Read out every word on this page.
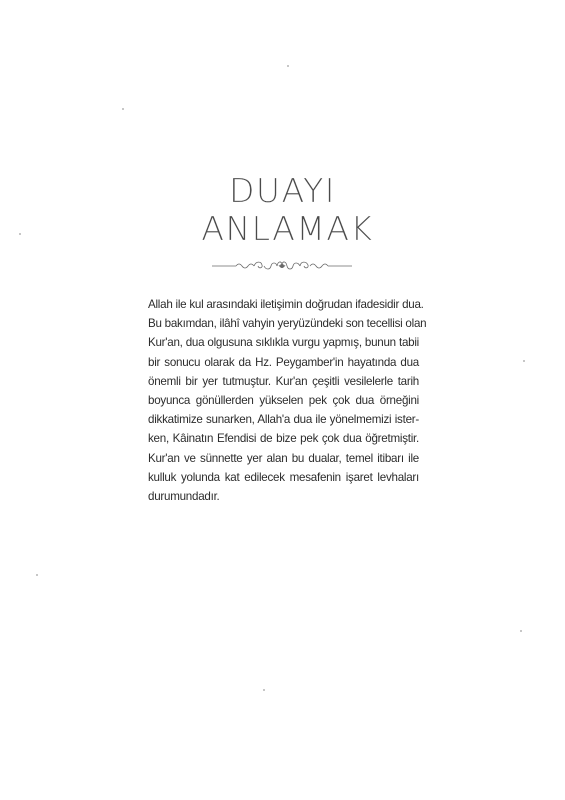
DUAYI
ANLAMAK
Allah ile kul arasındaki iletişimin doğrudan ifadesidir dua.
Bu bakımdan, ilâhî vahyin yeryüzündeki son tecellisi olan
Kur'an, dua olgusuna sıklıkla vurgu yapmış, bunun tabii
bir sonucu olarak da Hz. Peygamber'in hayatında dua
önemli bir yer tutmuştur. Kur'an çeşitli vesilelerle tarih
boyunca gönüllerden yükselen pek çok dua örneğini
dikkatimize sunarken, Allah'a dua ile yönelmemizi ister-
ken, Kâinatın Efendisi de bize pek çok dua öğretmiştir.
Kur'an ve sünnette yer alan bu dualar, temel itibarı ile
kulluk yolunda kat edilecek mesafenin işaret levhaları
durumundadır.
